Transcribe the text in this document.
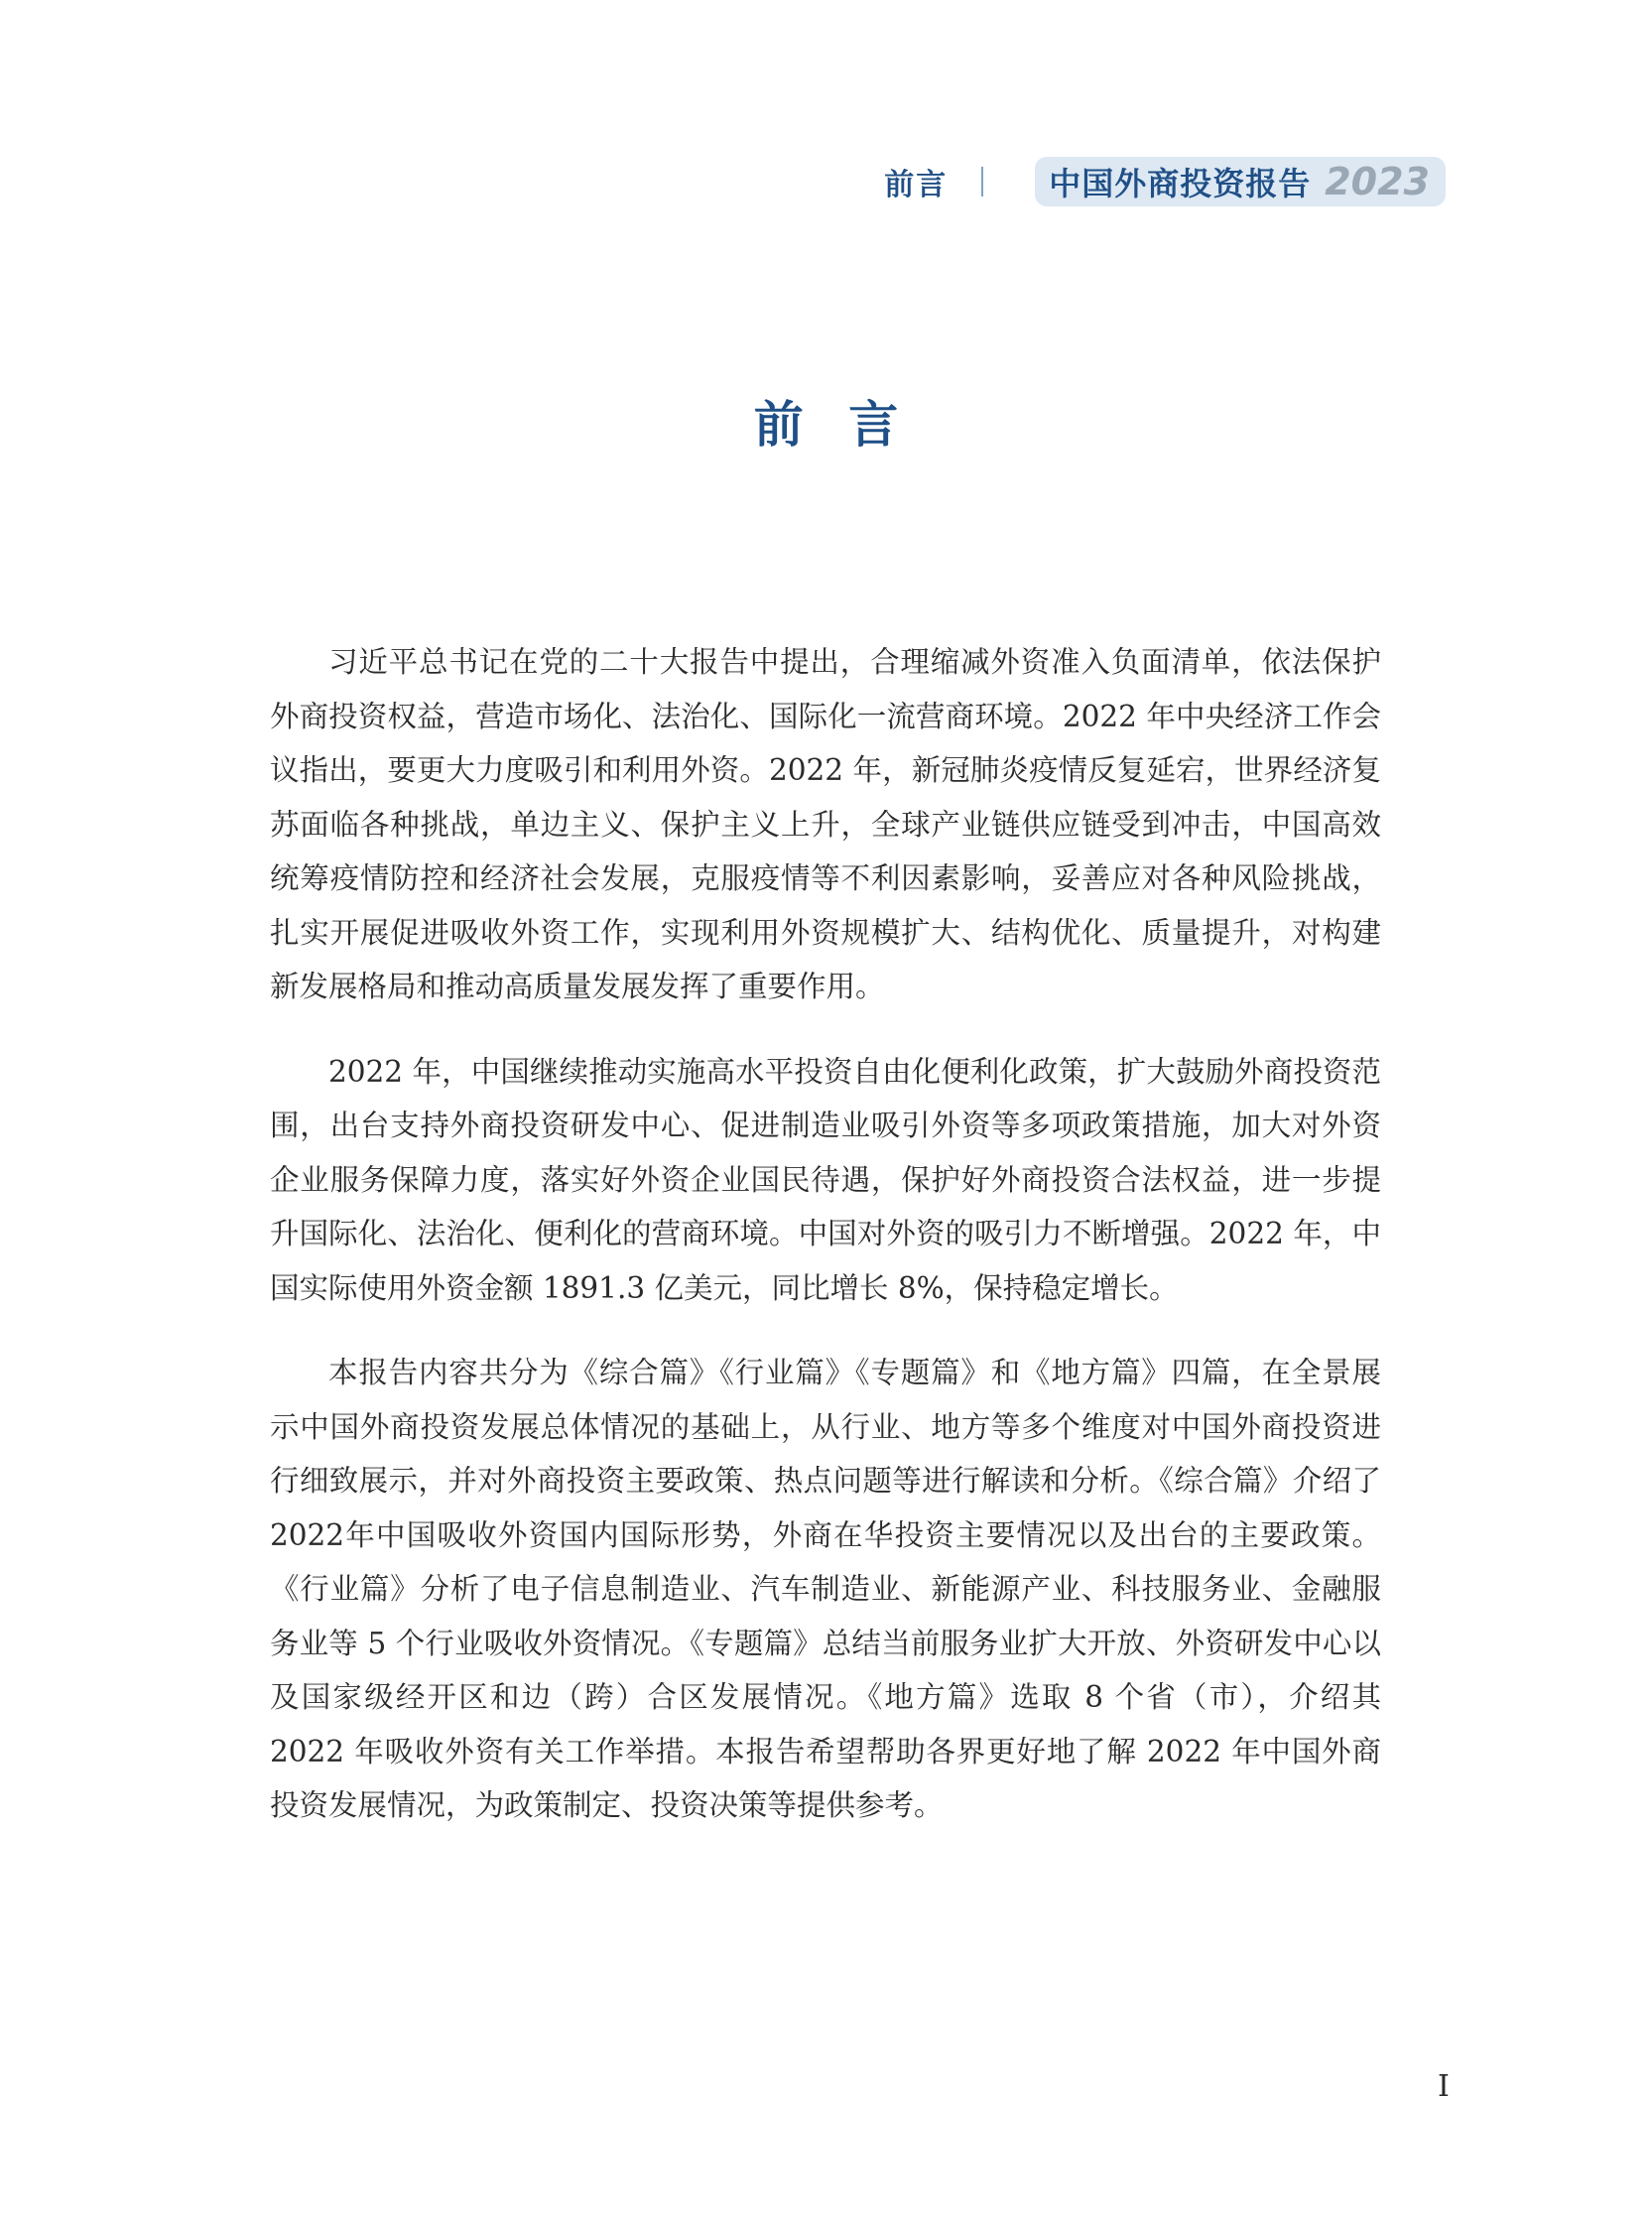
前言	中国外商投资报告 2023
前 言

习近平总书记在党的二十大报告中提出，合理缩减外资准入负面清单，依法保护外商投资权益，营造市场化、法治化、国际化一流营商环境。2022 年中央经济工作会议指出，要更大力度吸引和利用外资。2022 年，新冠肺炎疫情反复延宕，世界经济复苏面临各种挑战，单边主义、保护主义上升，全球产业链供应链受到冲击，中国高效统筹疫情防控和经济社会发展，克服疫情等不利因素影响，妥善应对各种风险挑战，扎实开展促进吸收外资工作，实现利用外资规模扩大、结构优化、质量提升，对构建新发展格局和推动高质量发展发挥了重要作用。

2022 年，中国继续推动实施高水平投资自由化便利化政策，扩大鼓励外商投资范围，出台支持外商投资研发中心、促进制造业吸引外资等多项政策措施，加大对外资企业服务保障力度，落实好外资企业国民待遇，保护好外商投资合法权益，进一步提升国际化、法治化、便利化的营商环境。中国对外资的吸引力不断增强。2022 年，中国实际使用外资金额 1891.3 亿美元，同比增长 8%，保持稳定增长。

本报告内容共分为《综合篇》《行业篇》《专题篇》和《地方篇》四篇，在全景展示中国外商投资发展总体情况的基础上，从行业、地方等多个维度对中国外商投资进行细致展示，并对外商投资主要政策、热点问题等进行解读和分析。《综合篇》介绍了2022年中国吸收外资国内国际形势，外商在华投资主要情况以及出台的主要政策。《行业篇》分析了电子信息制造业、汽车制造业、新能源产业、科技服务业、金融服务业等 5 个行业吸收外资情况。《专题篇》总结当前服务业扩大开放、外资研发中心以及国家级经开区和边（跨）合区发展情况。《地方篇》选取 8 个省（市），介绍其 2022 年吸收外资有关工作举措。本报告希望帮助各界更好地了解 2022 年中国外商投资发展情况，为政策制定、投资决策等提供参考。

I
